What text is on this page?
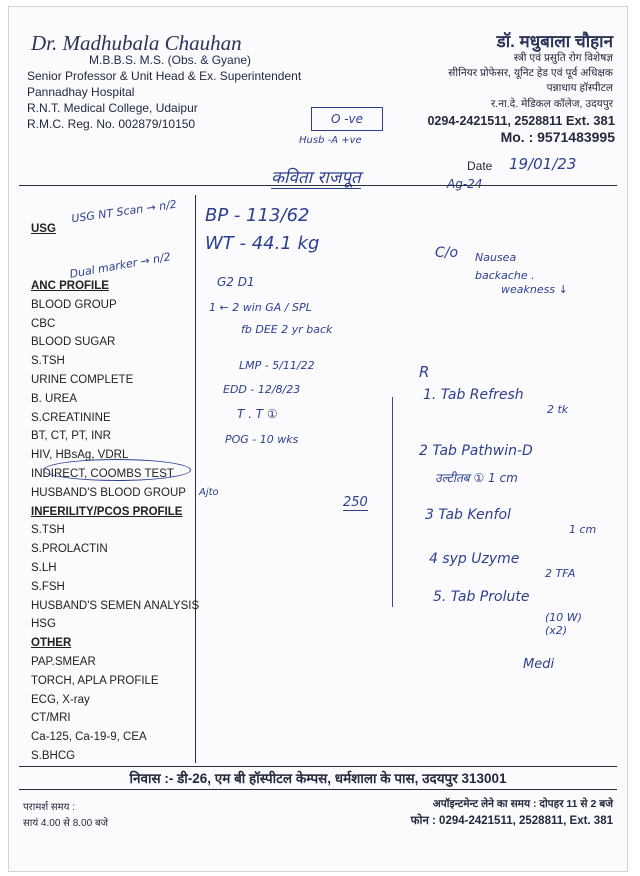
Dr. Madhubala Chauhan
M.B.B.S. M.S. (Obs. & Gyane)
Senior Professor & Unit Head & Ex. Superintendent
Pannadhay Hospital
R.N.T. Medical College, Udaipur
R.M.C. Reg. No. 002879/10150
डॉ. मधुबाला चौहान
स्त्री एवं प्रसुति रोग विशेषज्ञ
सीनियर प्रोफेसर, यूनिट हेड एवं पूर्व अधिक्षक
पन्नाधाय हॉस्पीटल
र.ना.दे. मेडिकल कॉलेज, उदयपुर
0294-2421511, 2528811 Ext. 381
Mo. : 9571483995
O -ve
Husb -A +ve
कविता राजपूत	Ag-24
Date 19/01/23
USG
USG NT Scan → n/2
Dual marker → n/2
ANC PROFILE
BLOOD GROUP
CBC
BLOOD SUGAR
S.TSH
URINE COMPLETE
B. UREA
S.CREATININE
BT, CT, PT, INR
HIV, HBsAg, VDRL
INDIRECT, COOMBS TEST
HUSBAND'S BLOOD GROUP
INFERILITY/PCOS PROFILE
S.TSH
S.PROLACTIN
S.LH
S.FSH
HUSBAND'S SEMEN ANALYSIS
HSG
OTHER
PAP.SMEAR
TORCH, APLA PROFILE
ECG, X-ray
CT/MRI
Ca-125, Ca-19-9, CEA
S.BHCG
Ajto
BP - 113/62
WT - 44.1 kg
G2 D1
1 ← 2 win GA / SPL
fb DEE 2 yr back
LMP - 5/11/22
EDD - 12/8/23
T . T ①
POG - 10 wks
250
C/o Nausea
backache .
weakness ↓
R
1. Tab Refresh
2 tk
2 Tab Pathwin-D
उल्टीतब ① 1 cm
3 Tab Kenfol
1 cm
4 syp Uzyme
2 TFA
5. Tab Prolute
(10 W) (x2)
Medi
निवास :- डी-26, एम बी हॉस्पीटल केम्पस, धर्मशाला के पास, उदयपुर 313001
परामर्श समय :
सायं 4.00 से 8.00 बजे
अपॉइन्टमेन्ट लेने का समय : दोपहर 11 से 2 बजे
फोन : 0294-2421511, 2528811, Ext. 381
